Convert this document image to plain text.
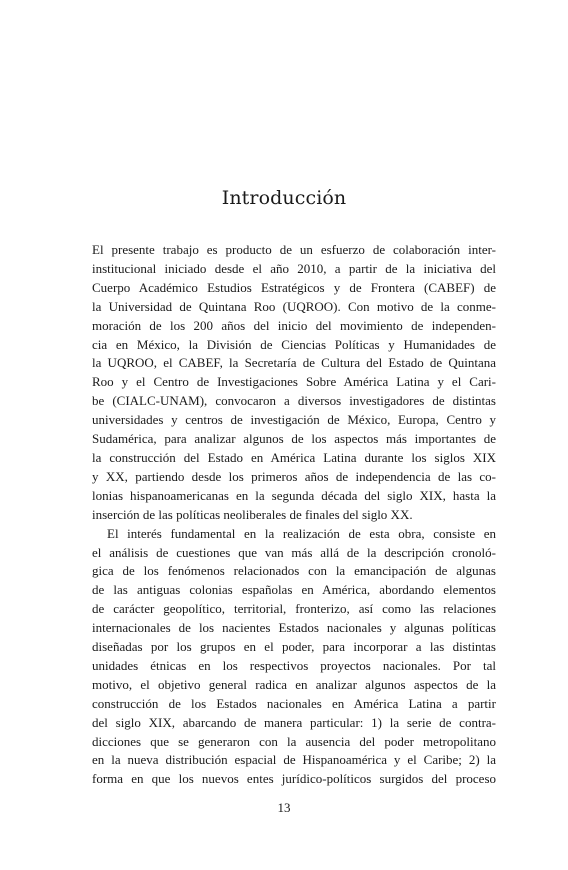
Introducción
El presente trabajo es producto de un esfuerzo de colaboración inter-
institucional iniciado desde el año 2010, a partir de la iniciativa del
Cuerpo Académico Estudios Estratégicos y de Frontera (CABEF) de
la Universidad de Quintana Roo (UQROO). Con motivo de la conme-
moración de los 200 años del inicio del movimiento de independen-
cia en México, la División de Ciencias Políticas y Humanidades de
la UQROO, el CABEF, la Secretaría de Cultura del Estado de Quintana
Roo y el Centro de Investigaciones Sobre América Latina y el Cari-
be (CIALC-UNAM), convocaron a diversos investigadores de distintas
universidades y centros de investigación de México, Europa, Centro y
Sudamérica, para analizar algunos de los aspectos más importantes de
la construcción del Estado en América Latina durante los siglos XIX
y XX, partiendo desde los primeros años de independencia de las co-
lonias hispanoamericanas en la segunda década del siglo XIX, hasta la
inserción de las políticas neoliberales de finales del siglo XX.
El interés fundamental en la realización de esta obra, consiste en
el análisis de cuestiones que van más allá de la descripción cronoló-
gica de los fenómenos relacionados con la emancipación de algunas
de las antiguas colonias españolas en América, abordando elementos
de carácter geopolítico, territorial, fronterizo, así como las relaciones
internacionales de los nacientes Estados nacionales y algunas políticas
diseñadas por los grupos en el poder, para incorporar a las distintas
unidades étnicas en los respectivos proyectos nacionales. Por tal
motivo, el objetivo general radica en analizar algunos aspectos de la
construcción de los Estados nacionales en América Latina a partir
del siglo XIX, abarcando de manera particular: 1) la serie de contra-
dicciones que se generaron con la ausencia del poder metropolitano
en la nueva distribución espacial de Hispanoamérica y el Caribe; 2) la
forma en que los nuevos entes jurídico-políticos surgidos del proceso
13
